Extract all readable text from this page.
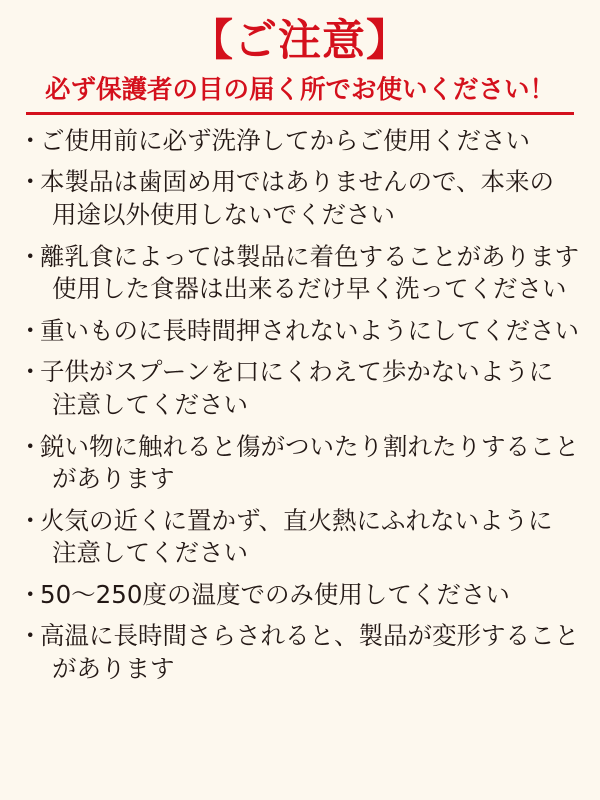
【ご注意】
必ず保護者の目の届く所でお使いください！
・
ご使用前に必ず洗浄してからご使用ください
・
本製品は歯固め用ではありませんので、本来の
用途以外使用しないでください
・
離乳食によっては製品に着色することがあります
使用した食器は出来るだけ早く洗ってください
・
重いものに長時間押されないようにしてください
・
子供がスプーンを口にくわえて歩かないように
注意してください
・
鋭い物に触れると傷がついたり割れたりすること
があります
・
火気の近くに置かず、直火熱にふれないように
注意してください
・
50〜250度の温度でのみ使用してください
・
高温に長時間さらされると、製品が変形すること
があります
